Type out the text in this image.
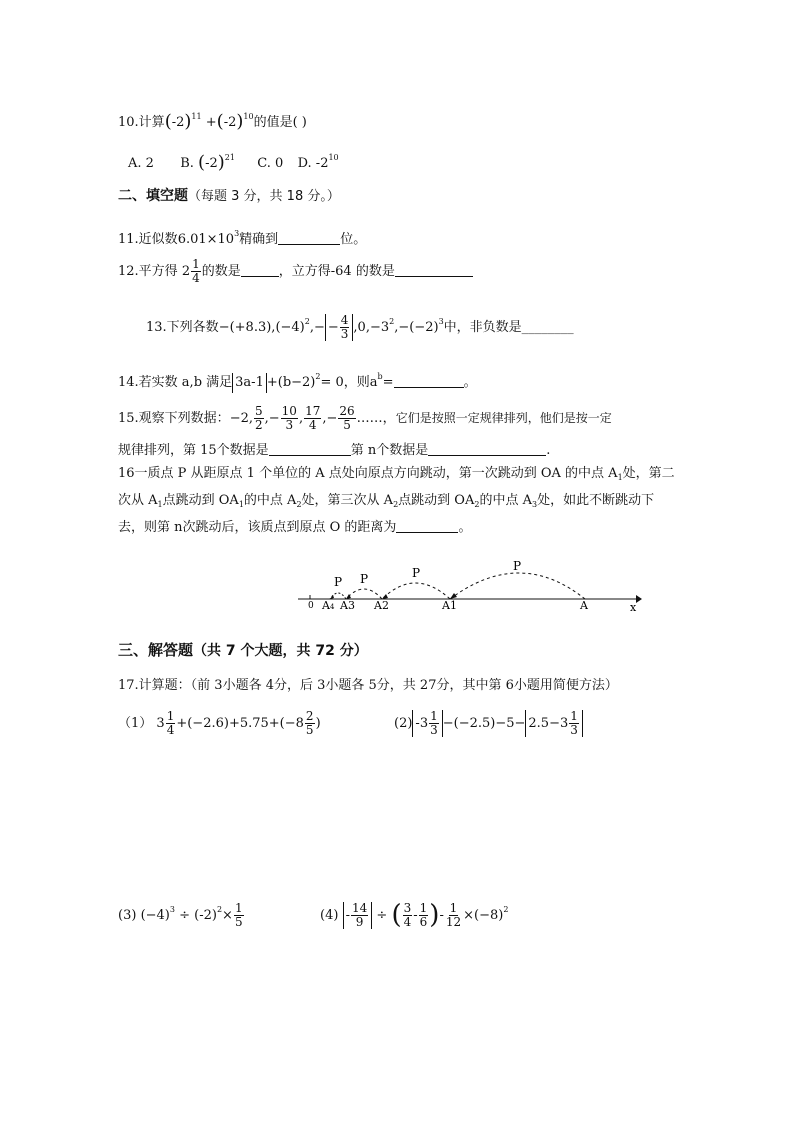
10.计算$(-2)^{11} +(-2)^{10}$的值是( )
A. 2 B. $(-2)^{21}$ C. 0 D. $-2^{10}$
二、填空题（每题 3 分，共 18 分。）
11.近似数$6.01\times 10^3$精确到	位。
12.平方得 $2 \frac{1}{4}$ 的数是	，立方得-64 的数是
13.下列各数$-(+8.3),(-4)^2,- - \frac{4}{3} ,0,-3^2,-(-2)^3$中，非负数是________
14.若实数 a,b 满足 $3a-1 +(b-2)^2= 0$，则$a^b=$	。
15.观察下列数据：−2, $\frac{5}{2}$ ,− $\frac{10}{3}$ , $\frac{17}{4}$ ,− $\frac{26}{5}$ ……，它们是按照一定规律排列，他们是按一定
规律排列，第 15个数据是	第 n个数据是	.
16一质点 P 从距原点 1 个单位的 A 点处向原点方向跳动，第一次跳动到 OA 的中点 $A_1$处，第二次从 $A_1$点跳动到 $OA_1$的中点 $A_2$处，第三次从 $A_2$点跳动到 $OA_2$的中点 $A_3$处，如此不断跳动下去，则第 n次跳动后，该质点到原点 O 的距离为	。
P
P
P
P
0 A4 A3 A2	A1	A	x
三、解答题（共 7 个大题，共 72 分）
17.计算题：（前 3小题各 4分，后 3小题各 5分，共 27分，其中第 6小题用简便方法）
（1） $3 \frac{1}{4} +(-2.6)+5.75+(-8 \frac{2}{5}$ )	(2) $-3 \frac{1}{3} -(-2.5)-5- 2.5-3 \frac{1}{3}$
(3) $(-4)^3 \div (-2)^2\times \frac{1}{5}$	$(4) - \frac{14}{9}$ ÷ ( $\frac{3}{4} - \frac{1}{6}$ )- $\frac{1}{12} \times(-8)^2$
